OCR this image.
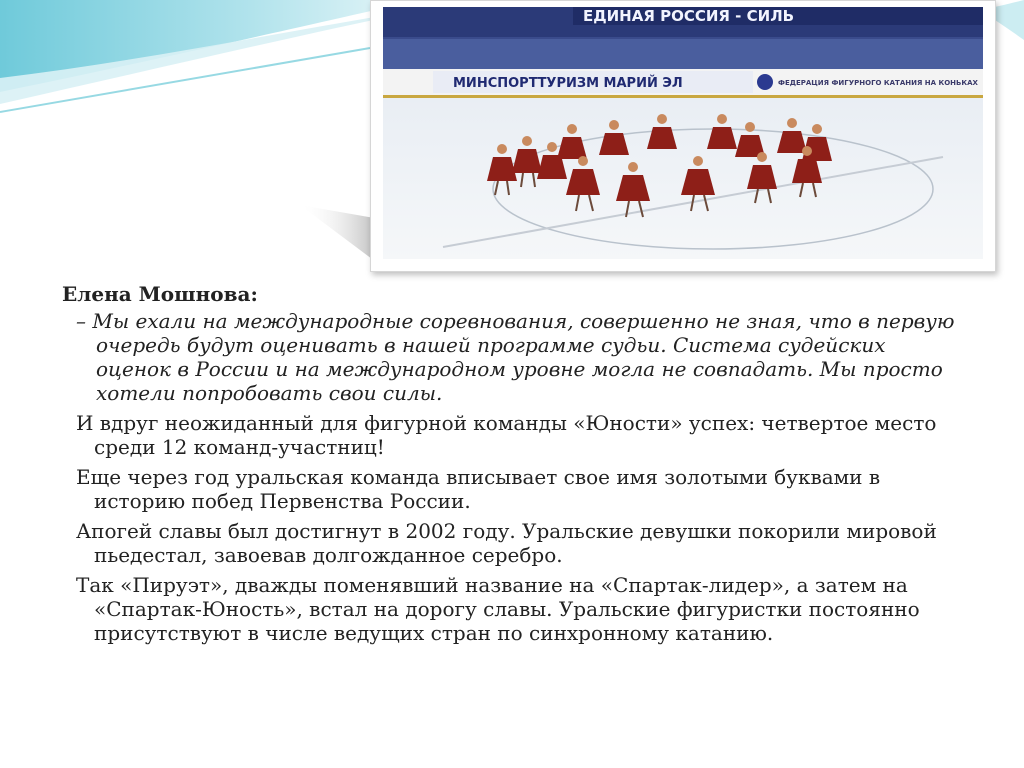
ЕДИНАЯ РОССИЯ - СИЛЬ
МИНСПОРТТУРИЗМ МАРИЙ ЭЛ	ФЕДЕРАЦИЯ ФИГУРНОГО КАТАНИЯ НА КОНЬКАХ
Елена Мошнова:
– Мы ехали на международные соревнования, совершенно не зная, что в первую очередь будут оценивать в нашей программе судьи. Система судейских оценок в России и на международном уровне могла не совпадать. Мы просто хотели попробовать свои силы.
И вдруг неожиданный для фигурной команды «Юности» успех: четвертое место среди 12 команд-участниц!
Еще через год уральская команда вписывает свое имя золотыми буквами в историю побед Первенства России.
Апогей славы был достигнут в 2002 году. Уральские девушки покорили мировой пьедестал, завоевав долгожданное серебро.
Так «Пируэт», дважды поменявший название на «Спартак-лидер», а затем на «Спартак-Юность», встал на дорогу славы. Уральские фигуристки постоянно присутствуют в числе ведущих стран по синхронному катанию.
